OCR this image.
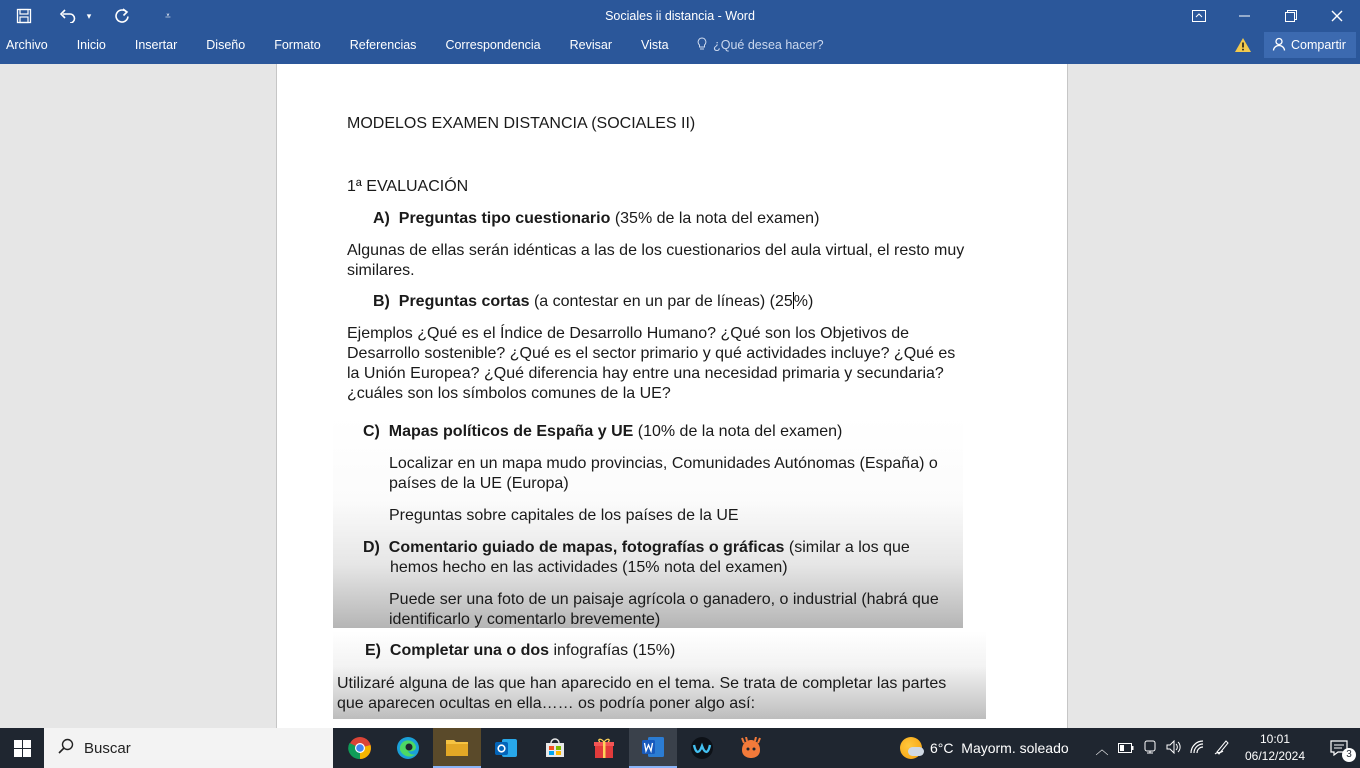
▾	⩡	Sociales ii distancia - Word
Archivo	Inicio	Insertar	Diseño	Formato	Referencias	Correspondencia	Revisar	Vista	¿Qué desea hacer?	Compartir
MODELOS EXAMEN DISTANCIA (SOCIALES II)
1ª EVALUACIÓN
A) Preguntas tipo cuestionario (35% de la nota del examen)
Algunas de ellas serán idénticas a las de los cuestionarios del aula virtual, el resto muy
similares.
B) Preguntas cortas (a contestar en un par de líneas) (25%)
Ejemplos ¿Qué es el Índice de Desarrollo Humano? ¿Qué son los Objetivos de
Desarrollo sostenible? ¿Qué es el sector primario y qué actividades incluye? ¿Qué es
la Unión Europea? ¿Qué diferencia hay entre una necesidad primaria y secundaria?
¿cuáles son los símbolos comunes de la UE?
C) Mapas políticos de España y UE (10% de la nota del examen)
Localizar en un mapa mudo provincias, Comunidades Autónomas (España) o
países de la UE (Europa)
Preguntas sobre capitales de los países de la UE
D) Comentario guiado de mapas, fotografías o gráficas (similar a los que
hemos hecho en las actividades (15% nota del examen)
Puede ser una foto de un paisaje agrícola o ganadero, o industrial (habrá que
identificarlo y comentarlo brevemente)
E) Completar una o dos infografías (15%)
Utilizaré alguna de las que han aparecido en el tema. Se trata de completar las partes
que aparecen ocultas en ella…… os podría poner algo así:
Buscar	6°C
Mayorm. soleado	︿
10:01
06/12/2024	3
